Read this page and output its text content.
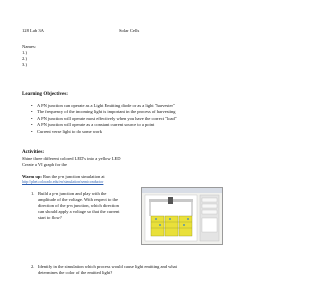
128 Lab 3A	Solar Cells
Names:
1.)
2.)
3.)
Learning Objectives:
• A PN junction can operate as a Light Emitting diode or as a light "harvester"
• The frequency of the incoming light is important in the process of harvesting
• A PN junction will operate most effectively when you have the correct "load"
• A PN junction will operate as a constant current source to a point
• Current verse light to do some work
Activities:
Shine three different colored LED's into a yellow LED
Create a VI graph for the
Warm up: Run the p-n junction simulation at
http://phet.colorado.edu/en/simulation/semiconductor
1. Build a p-n junction and play with the
amplitude of the voltage. With respect to the
direction of the p-n junction, which direction
can should apply a voltage so that the current
start to flow?
2. Identify in the simulation which process would cause light emitting and what
determines the color of the emitted light?
